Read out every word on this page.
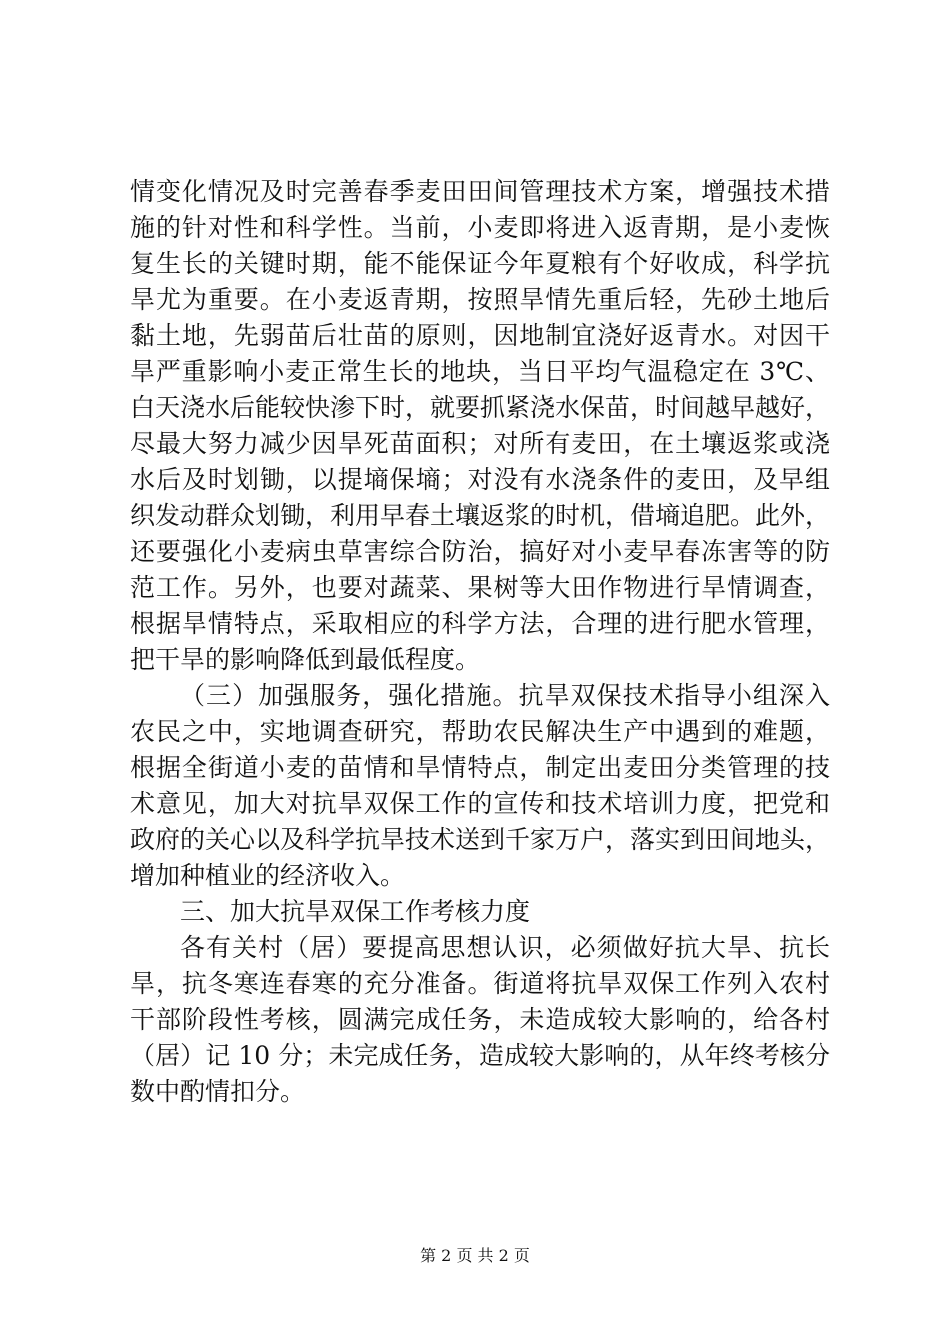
情变化情况及时完善春季麦田田间管理技术方案，增强技术措
施的针对性和科学性。当前，小麦即将进入返青期，是小麦恢
复生长的关键时期，能不能保证今年夏粮有个好收成，科学抗
旱尤为重要。在小麦返青期，按照旱情先重后轻，先砂土地后
黏土地，先弱苗后壮苗的原则，因地制宜浇好返青水。对因干
旱严重影响小麦正常生长的地块，当日平均气温稳定在 3℃、
白天浇水后能较快渗下时，就要抓紧浇水保苗，时间越早越好，
尽最大努力减少因旱死苗面积；对所有麦田，在土壤返浆或浇
水后及时划锄，以提墒保墒；对没有水浇条件的麦田，及早组
织发动群众划锄，利用早春土壤返浆的时机，借墒追肥。此外，
还要强化小麦病虫草害综合防治，搞好对小麦早春冻害等的防
范工作。另外，也要对蔬菜、果树等大田作物进行旱情调查，
根据旱情特点，采取相应的科学方法，合理的进行肥水管理，
把干旱的影响降低到最低程度。
（三）加强服务，强化措施。抗旱双保技术指导小组深入
农民之中，实地调查研究，帮助农民解决生产中遇到的难题，
根据全街道小麦的苗情和旱情特点，制定出麦田分类管理的技
术意见，加大对抗旱双保工作的宣传和技术培训力度，把党和
政府的关心以及科学抗旱技术送到千家万户，落实到田间地头，
增加种植业的经济收入。
三、加大抗旱双保工作考核力度
各有关村（居）要提高思想认识，必须做好抗大旱、抗长
旱，抗冬寒连春寒的充分准备。街道将抗旱双保工作列入农村
干部阶段性考核，圆满完成任务，未造成较大影响的，给各村
（居）记 10 分；未完成任务，造成较大影响的，从年终考核分
数中酌情扣分。
第 2 页 共 2 页
